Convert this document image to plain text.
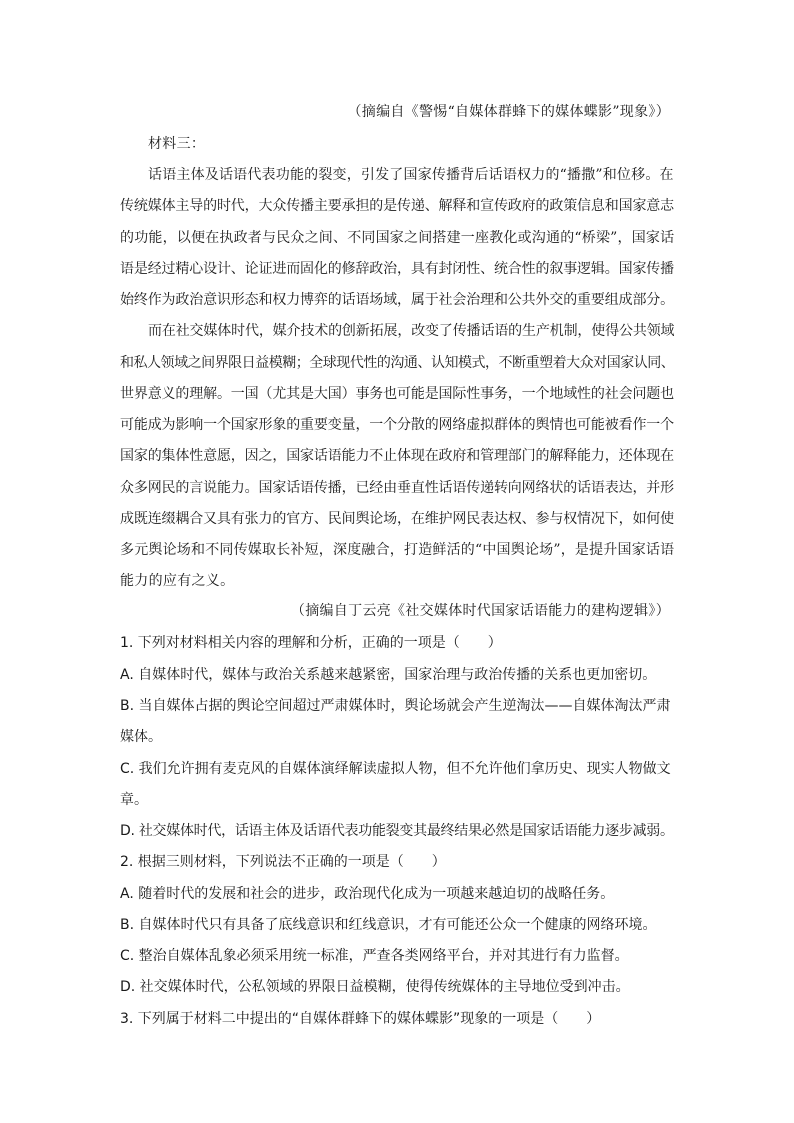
（摘编自《警惕“自媒体群蜂下的媒体蝶影”现象》）
材料三：
话语主体及话语代表功能的裂变，引发了国家传播背后话语权力的“播撒”和位移。在
传统媒体主导的时代，大众传播主要承担的是传递、解释和宣传政府的政策信息和国家意志
的功能，以便在执政者与民众之间、不同国家之间搭建一座教化或沟通的“桥梁”，国家话
语是经过精心设计、论证进而固化的修辞政治，具有封闭性、统合性的叙事逻辑。国家传播
始终作为政治意识形态和权力博弈的话语场域，属于社会治理和公共外交的重要组成部分。
而在社交媒体时代，媒介技术的创新拓展，改变了传播话语的生产机制，使得公共领域
和私人领域之间界限日益模糊；全球现代性的沟通、认知模式，不断重塑着大众对国家认同、
世界意义的理解。一国（尤其是大国）事务也可能是国际性事务，一个地域性的社会问题也
可能成为影响一个国家形象的重要变量，一个分散的网络虚拟群体的舆情也可能被看作一个
国家的集体性意愿，因之，国家话语能力不止体现在政府和管理部门的解释能力，还体现在
众多网民的言说能力。国家话语传播，已经由垂直性话语传递转向网络状的话语表达，并形
成既连缀耦合又具有张力的官方、民间舆论场，在维护网民表达权、参与权情况下，如何使
多元舆论场和不同传媒取长补短，深度融合，打造鲜活的“中国舆论场”，是提升国家话语
能力的应有之义。
（摘编自丁云亮《社交媒体时代国家话语能力的建构逻辑》）
1. 下列对材料相关内容的理解和分析，正确的一项是（　　）
A. 自媒体时代，媒体与政治关系越来越紧密，国家治理与政治传播的关系也更加密切。
B. 当自媒体占据的舆论空间超过严肃媒体时，舆论场就会产生逆淘汰——自媒体淘汰严肃
媒体。
C. 我们允许拥有麦克风的自媒体演绎解读虚拟人物，但不允许他们拿历史、现实人物做文
章。
D. 社交媒体时代，话语主体及话语代表功能裂变其最终结果必然是国家话语能力逐步减弱。
2. 根据三则材料，下列说法不正确的一项是（　　）
A. 随着时代的发展和社会的进步，政治现代化成为一项越来越迫切的战略任务。
B. 自媒体时代只有具备了底线意识和红线意识，才有可能还公众一个健康的网络环境。
C. 整治自媒体乱象必须采用统一标准，严查各类网络平台，并对其进行有力监督。
D. 社交媒体时代，公私领域的界限日益模糊，使得传统媒体的主导地位受到冲击。
3. 下列属于材料二中提出的“自媒体群蜂下的媒体蝶影”现象的一项是（　　）
